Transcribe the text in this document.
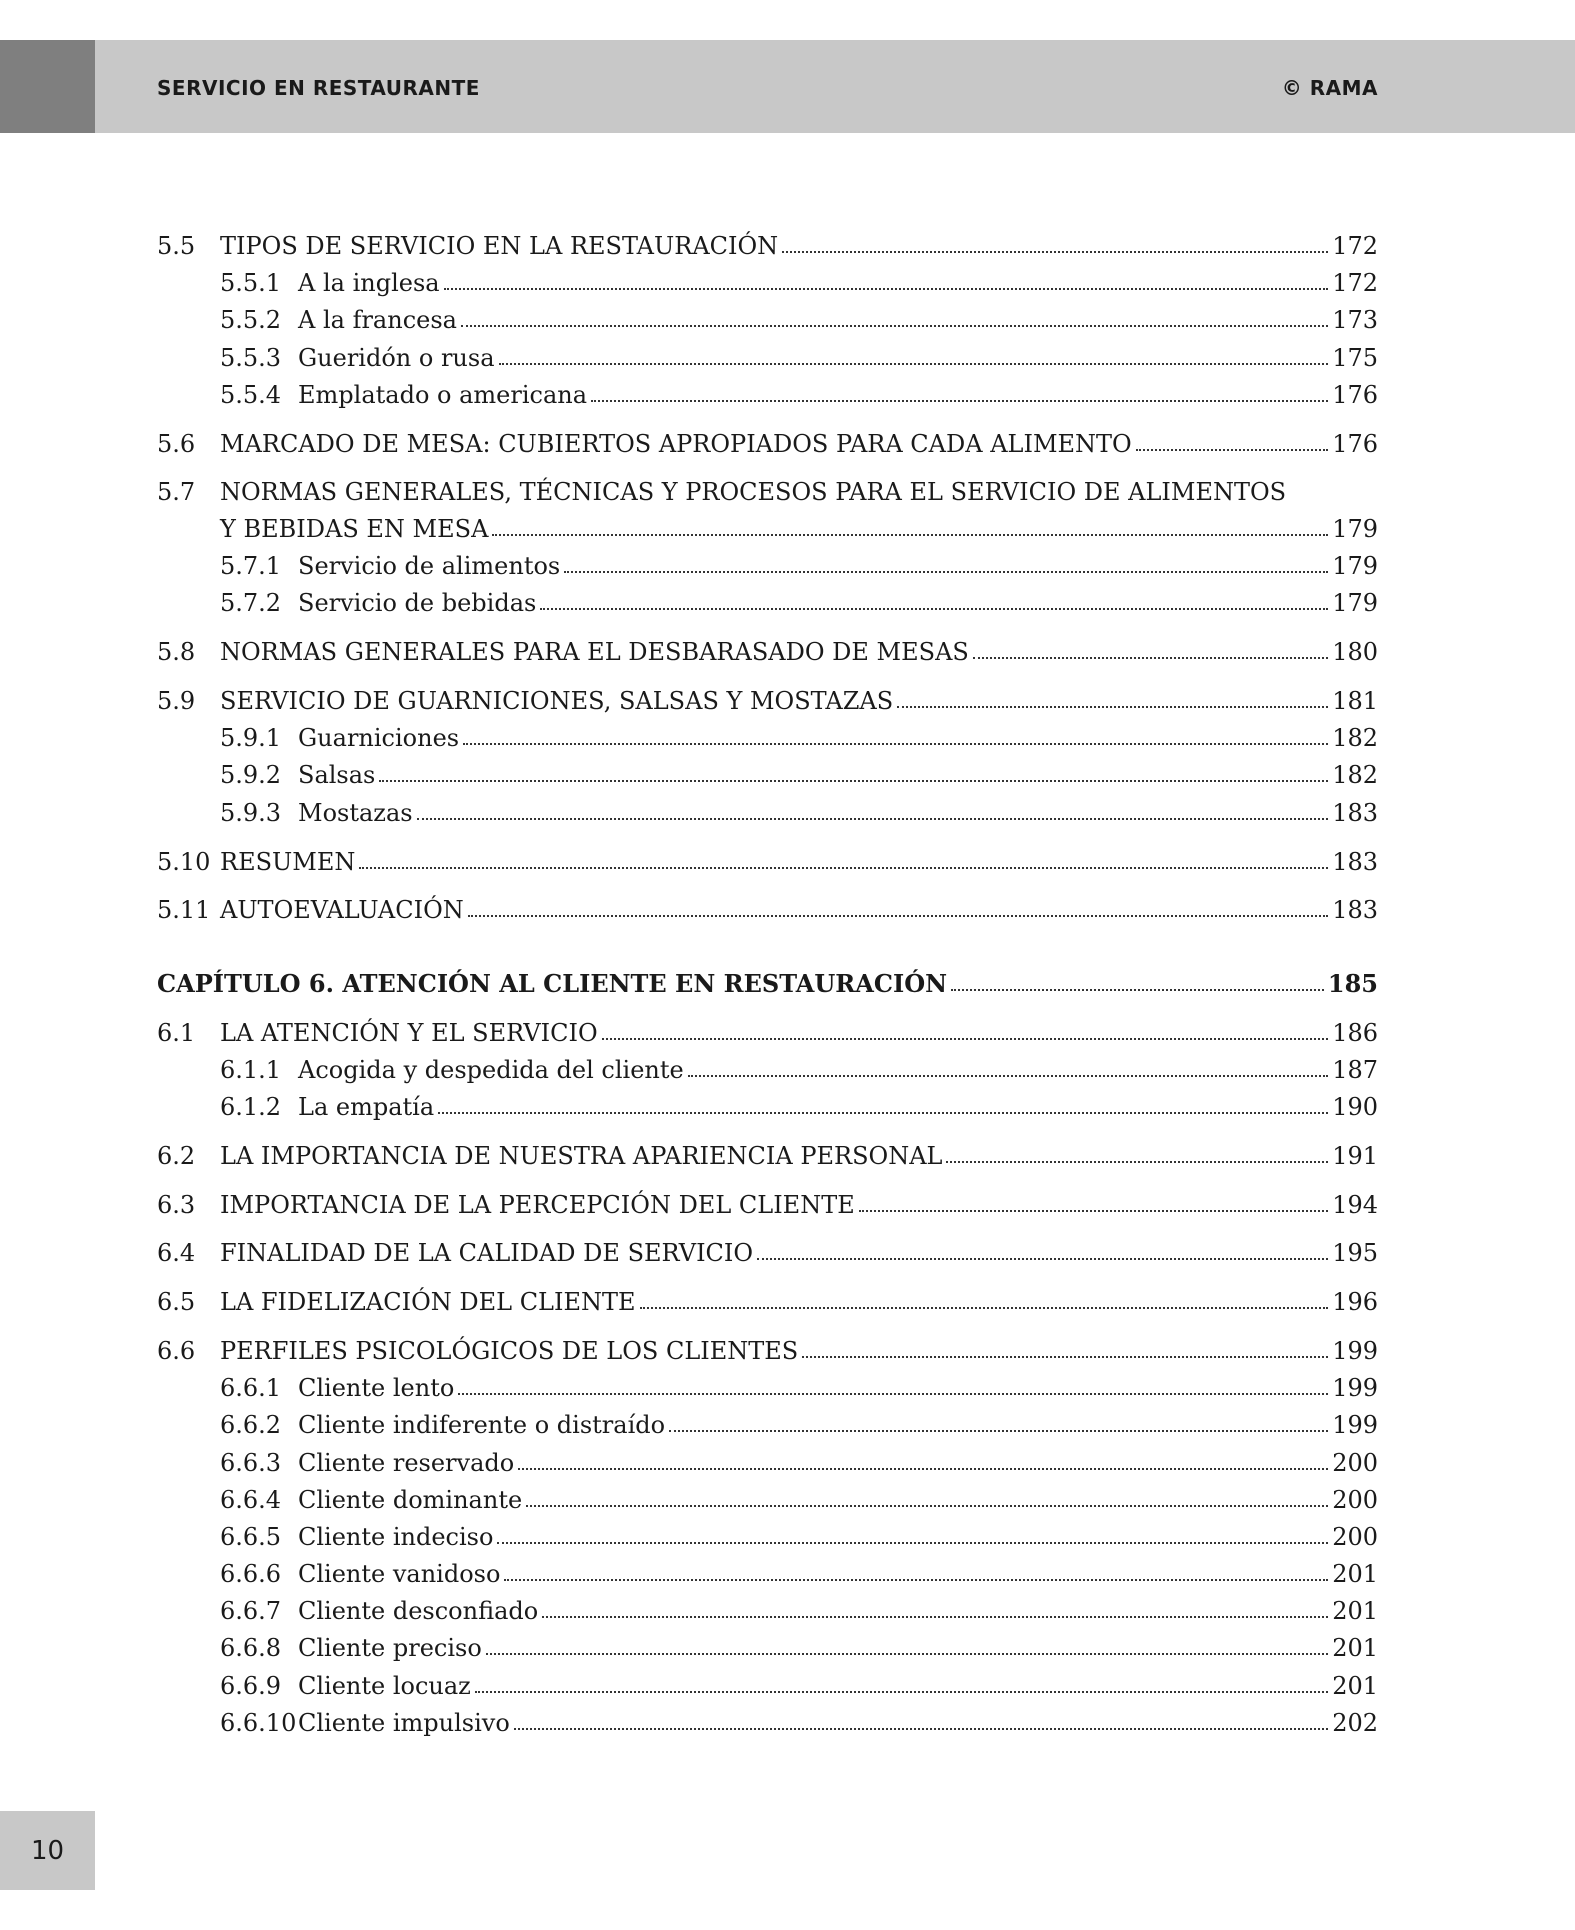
SERVICIO EN RESTAURANTE	© RAMA
5.5	TIPOS DE SERVICIO EN LA RESTAURACIÓN	172
5.5.1 A la inglesa	172
5.5.2 A la francesa	173
5.5.3 Gueridón o rusa	175
5.5.4 Emplatado o americana	176
5.6	MARCADO DE MESA: CUBIERTOS APROPIADOS PARA CADA ALIMENTO	176
5.7	NORMAS GENERALES, TÉCNICAS Y PROCESOS PARA EL SERVICIO DE ALIMENTOS
Y BEBIDAS EN MESA	179
5.7.1 Servicio de alimentos	179
5.7.2 Servicio de bebidas	179
5.8	NORMAS GENERALES PARA EL DESBARASADO DE MESAS	180
5.9	SERVICIO DE GUARNICIONES, SALSAS Y MOSTAZAS	181
5.9.1 Guarniciones	182
5.9.2 Salsas	182
5.9.3 Mostazas	183
5.10 RESUMEN	183
5.11 AUTOEVALUACIÓN	183
CAPÍTULO 6. ATENCIÓN AL CLIENTE EN RESTAURACIÓN	185
6.1	LA ATENCIÓN Y EL SERVICIO	186
6.1.1 Acogida y despedida del cliente	187
6.1.2 La empatía	190
6.2	LA IMPORTANCIA DE NUESTRA APARIENCIA PERSONAL	191
6.3	IMPORTANCIA DE LA PERCEPCIÓN DEL CLIENTE	194
6.4	FINALIDAD DE LA CALIDAD DE SERVICIO	195
6.5	LA FIDELIZACIÓN DEL CLIENTE	196
6.6	PERFILES PSICOLÓGICOS DE LOS CLIENTES	199
6.6.1 Cliente lento	199
6.6.2 Cliente indiferente o distraído	199
6.6.3 Cliente reservado	200
6.6.4 Cliente dominante	200
6.6.5 Cliente indeciso	200
6.6.6 Cliente vanidoso	201
6.6.7 Cliente desconfiado	201
6.6.8 Cliente preciso	201
6.6.9 Cliente locuaz	201
6.6.10 Cliente impulsivo	202
10
